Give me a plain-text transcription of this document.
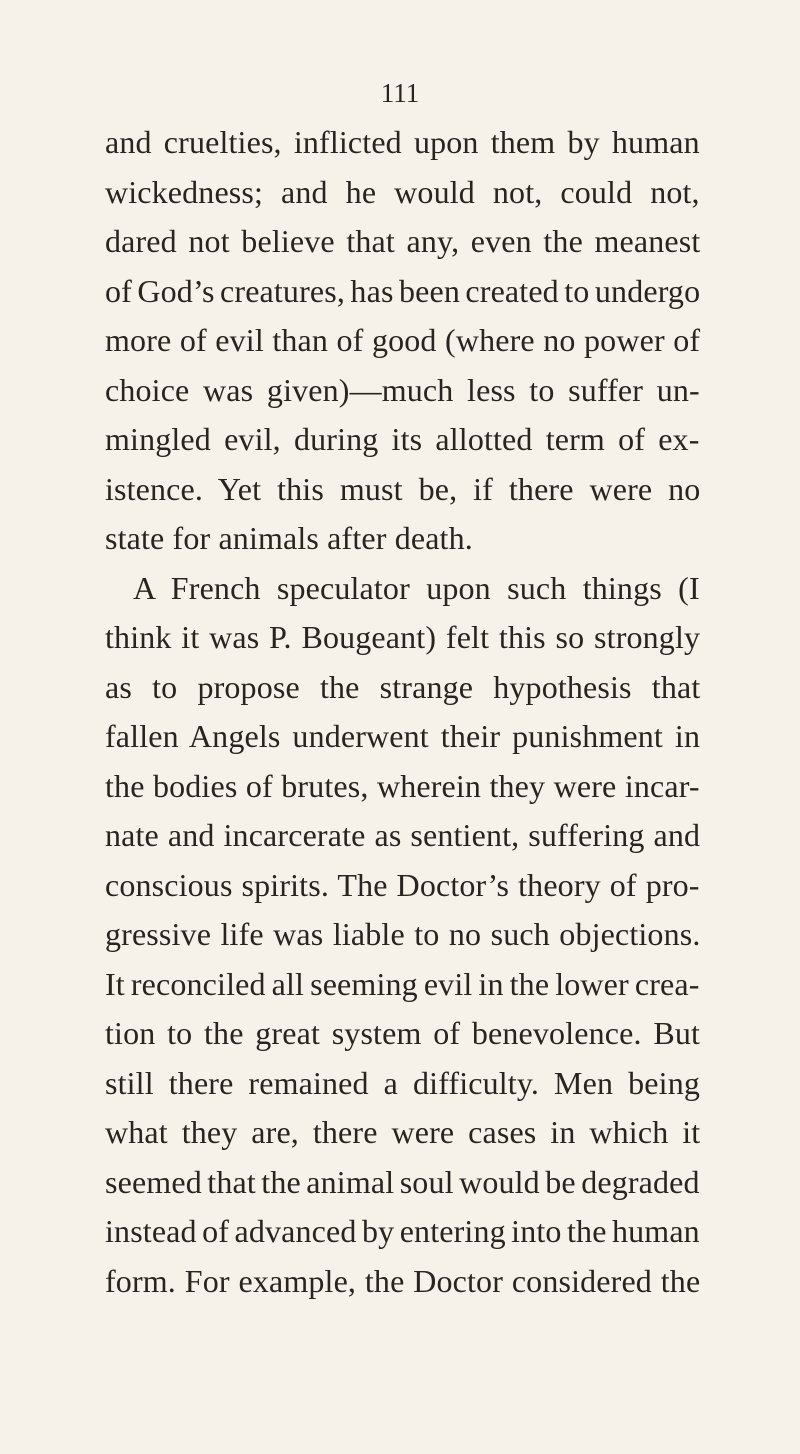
111
and cruelties, inflicted upon them by human
wickedness; and he would not, could not,
dared not believe that any, even the meanest
of God’s creatures, has been created to undergo
more of evil than of good (where no power of
choice was given)—much less to suffer un-
mingled evil, during its allotted term of ex-
istence. Yet this must be, if there were no
state for animals after death.
A French speculator upon such things (I
think it was P. Bougeant) felt this so strongly
as to propose the strange hypothesis that
fallen Angels underwent their punishment in
the bodies of brutes, wherein they were incar-
nate and incarcerate as sentient, suffering and
conscious spirits. The Doctor’s theory of pro-
gressive life was liable to no such objections.
It reconciled all seeming evil in the lower crea-
tion to the great system of benevolence. But
still there remained a difficulty. Men being
what they are, there were cases in which it
seemed that the animal soul would be degraded
instead of advanced by entering into the human
form. For example, the Doctor considered the
